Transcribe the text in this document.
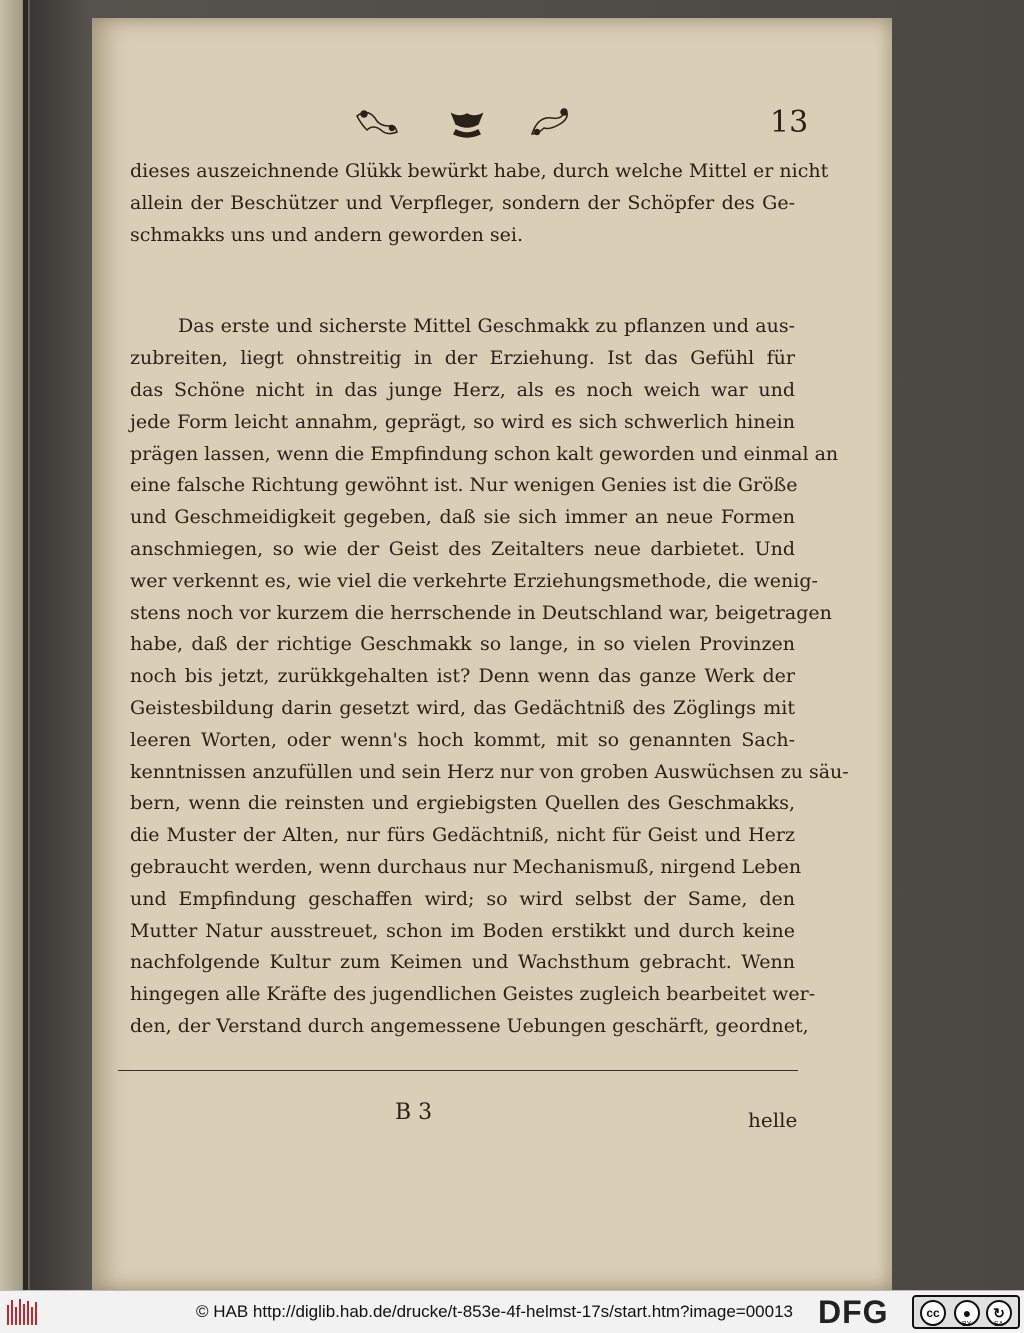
13
dieses auszeichnende Glükk bewürkt habe, durch welche Mittel er nicht
allein der Beschützer und Verpfleger, sondern der Schöpfer des Ge-
schmakks uns und andern geworden sei.
Das erste und sicherste Mittel Geschmakk zu pflanzen und aus-
zubreiten, liegt ohnstreitig in der Erziehung. Ist das Gefühl für
das Schöne nicht in das junge Herz, als es noch weich war und
jede Form leicht annahm, geprägt, so wird es sich schwerlich hinein
prägen lassen, wenn die Empfindung schon kalt geworden und einmal an
eine falsche Richtung gewöhnt ist. Nur wenigen Genies ist die Größe
und Geschmeidigkeit gegeben, daß sie sich immer an neue Formen
anschmiegen, so wie der Geist des Zeitalters neue darbietet. Und
wer verkennt es, wie viel die verkehrte Erziehungsmethode, die wenig-
stens noch vor kurzem die herrschende in Deutschland war, beigetragen
habe, daß der richtige Geschmakk so lange, in so vielen Provinzen
noch bis jetzt, zurükkgehalten ist? Denn wenn das ganze Werk der
Geistesbildung darin gesetzt wird, das Gedächtniß des Zöglings mit
leeren Worten, oder wenn's hoch kommt, mit so genannten Sach-
kenntnissen anzufüllen und sein Herz nur von groben Auswüchsen zu säu-
bern, wenn die reinsten und ergiebigsten Quellen des Geschmakks,
die Muster der Alten, nur fürs Gedächtniß, nicht für Geist und Herz
gebraucht werden, wenn durchaus nur Mechanismuß, nirgend Leben
und Empfindung geschaffen wird; so wird selbst der Same, den
Mutter Natur ausstreuet, schon im Boden erstikkt und durch keine
nachfolgende Kultur zum Keimen und Wachsthum gebracht. Wenn
hingegen alle Kräfte des jugendlichen Geistes zugleich bearbeitet wer-
den, der Verstand durch angemessene Uebungen geschärft, geordnet,
B 3	helle
© HAB http://diglib.hab.de/drucke/t-853e-4f-helmst-17s/start.htm?image=00013 DFG	cc	●	↻
BY	SA
